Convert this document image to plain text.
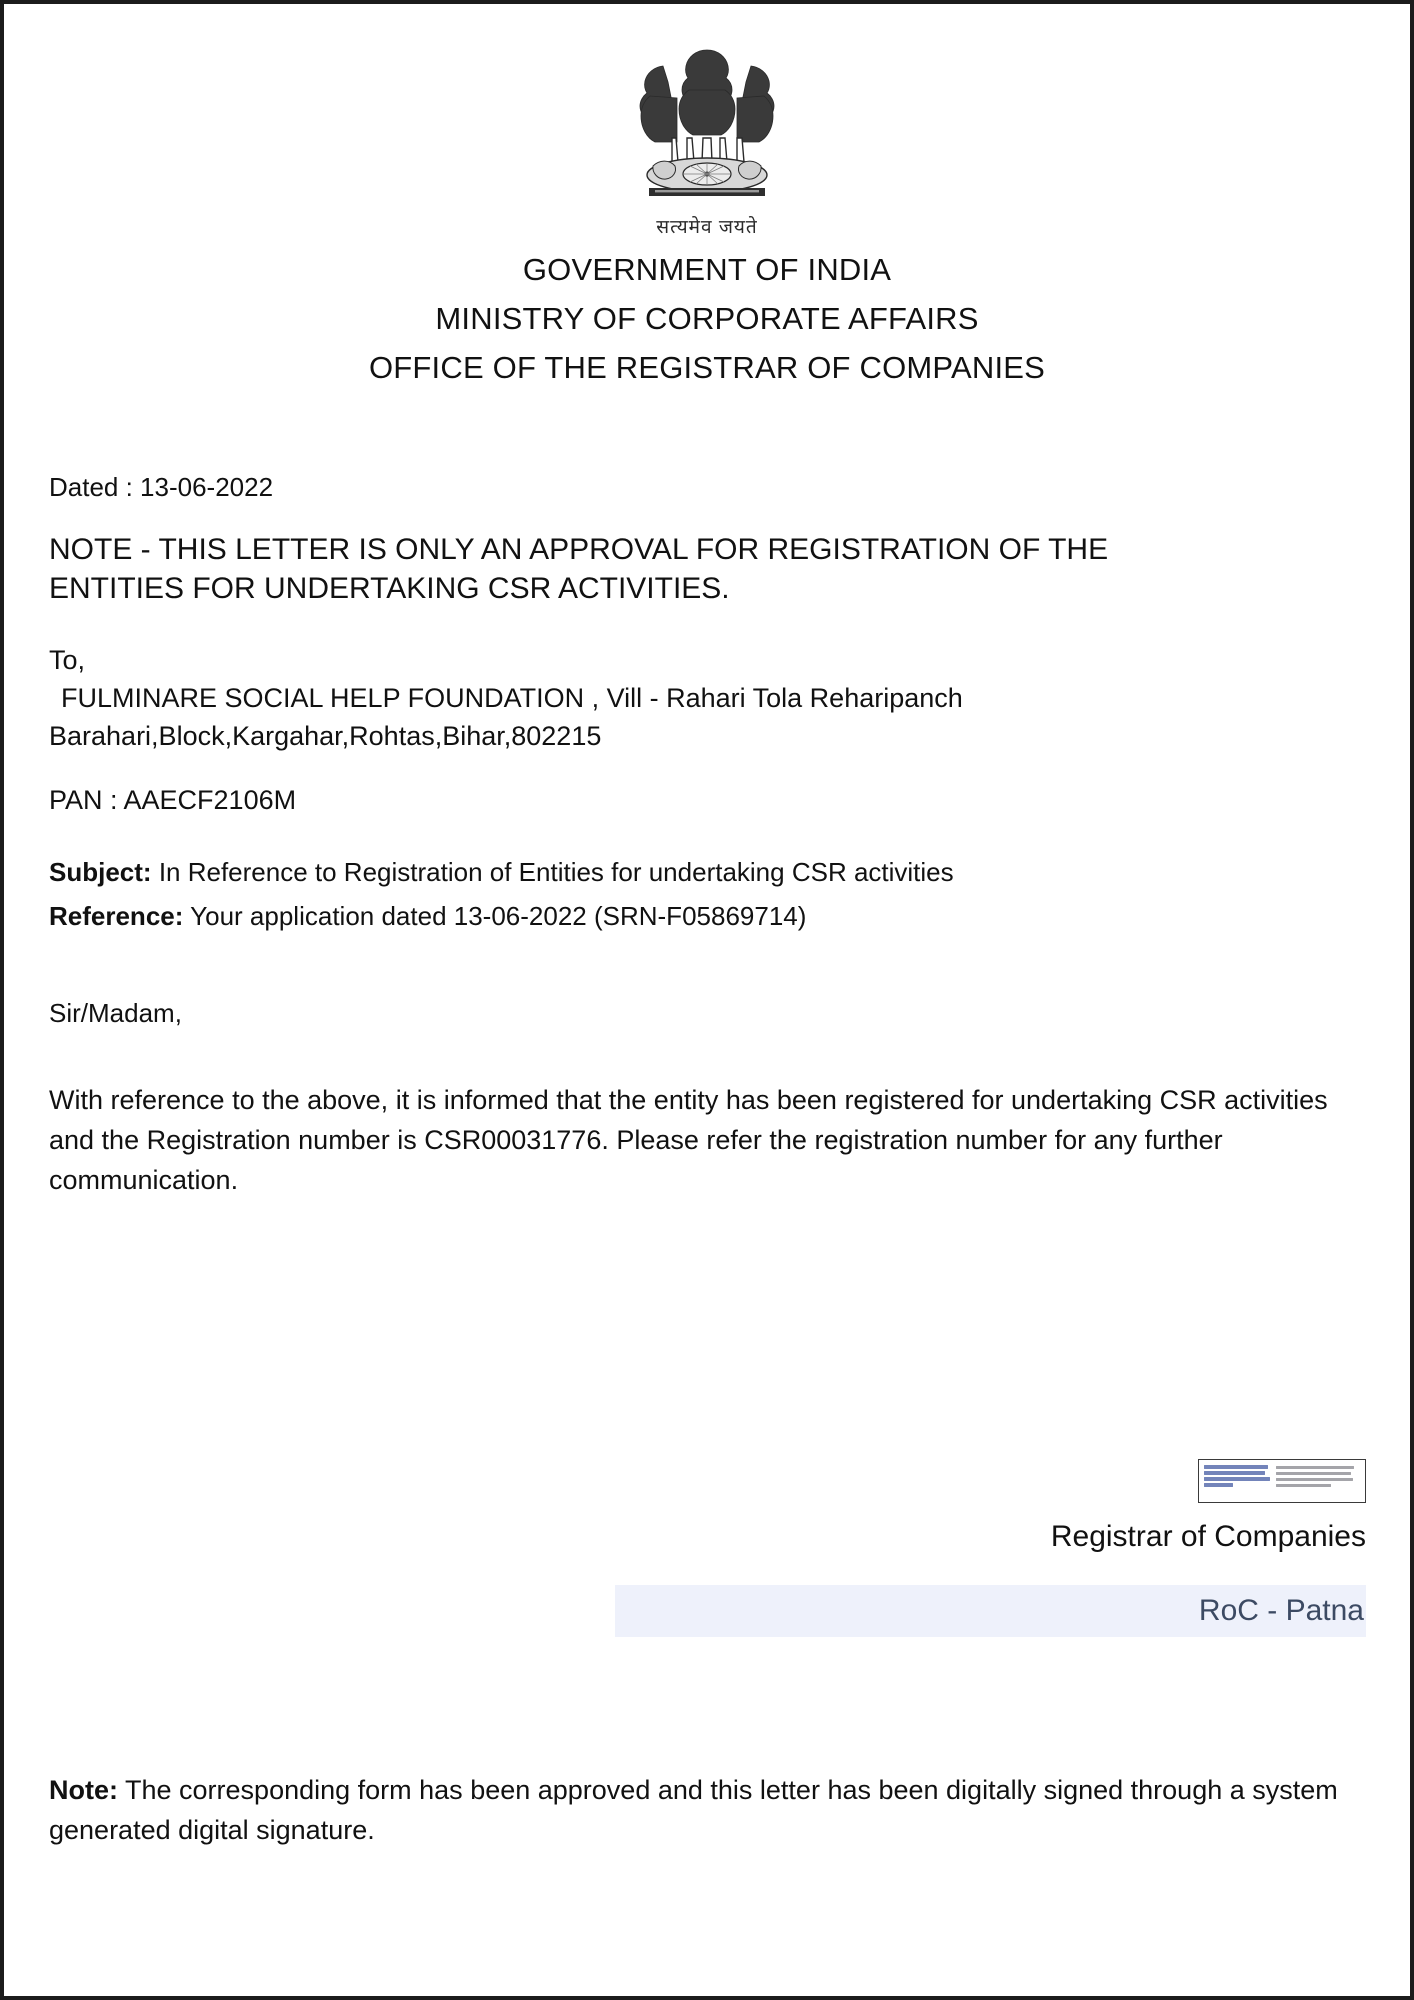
सत्यमेव जयते
GOVERNMENT OF INDIA
MINISTRY OF CORPORATE AFFAIRS
OFFICE OF THE REGISTRAR OF COMPANIES
Dated : 13-06-2022
NOTE - THIS LETTER IS ONLY AN APPROVAL FOR REGISTRATION OF THE ENTITIES FOR UNDERTAKING CSR ACTIVITIES.
To,
FULMINARE SOCIAL HELP FOUNDATION , Vill - Rahari Tola Reharipanch
Barahari,Block,Kargahar,Rohtas,Bihar,802215
PAN : AAECF2106M
Subject: In Reference to Registration of Entities for undertaking CSR activities
Reference: Your application dated 13-06-2022 (SRN-F05869714)
Sir/Madam,
With reference to the above, it is informed that the entity has been registered for undertaking CSR activities and the Registration number is CSR00031776. Please refer the registration number for any further communication.
Registrar of Companies
RoC - Patna
Note: The corresponding form has been approved and this letter has been digitally signed through a system generated digital signature.
